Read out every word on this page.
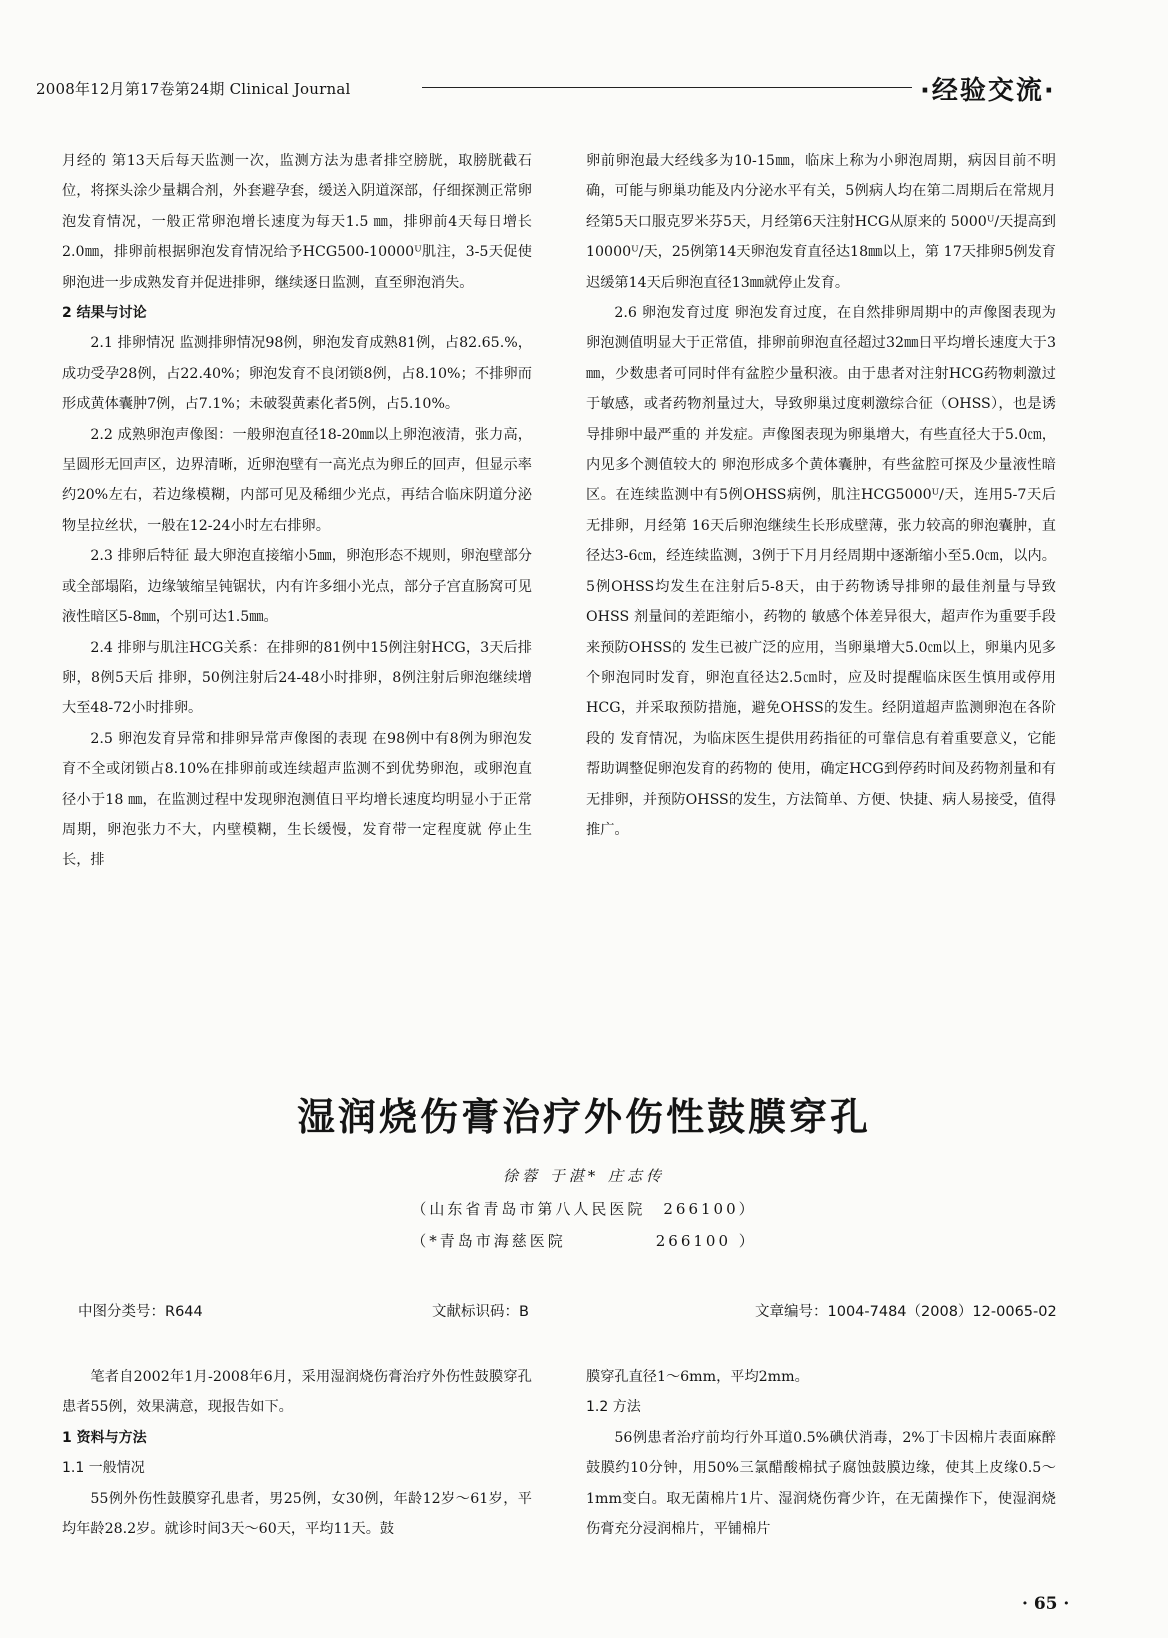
2008年12月第17卷第24期 Clinical Journal	·经验交流·

月经的 第13天后每天监测一次，监测方法为患者排空膀胱，取膀胱截石位，将探头涂少量耦合剂，外套避孕套，缓送入阴道深部，仔细探测正常卵泡发育情况，一般正常卵泡增长速度为每天1.5 ㎜，排卵前4天每日增长2.0㎜，排卵前根据卵泡发育情况给予HCG500-10000ᵁ肌注，3-5天促使卵泡进一步成熟发育并促进排卵，继续逐日监测，直至卵泡消失。

2 结果与讨论

2.1 排卵情况 监测排卵情况98例，卵泡发育成熟81例，占82.65.%，成功受孕28例，占22.40%；卵泡发育不良闭锁8例，占8.10%；不排卵而形成黄体囊肿7例，占7.1%；未破裂黄素化者5例，占5.10%。

2.2 成熟卵泡声像图：一般卵泡直径18-20㎜以上卵泡液清，张力高，呈圆形无回声区，边界清晰，近卵泡壁有一高光点为卵丘的回声，但显示率约20%左右，若边缘模糊，内部可见及稀细少光点，再结合临床阴道分泌物呈拉丝状，一般在12-24小时左右排卵。

2.3 排卵后特征 最大卵泡直接缩小5㎜，卵泡形态不规则，卵泡壁部分或全部塌陷，边缘皱缩呈钝锯状，内有许多细小光点，部分子宫直肠窝可见液性暗区5-8㎜，个别可达1.5㎜。

2.4 排卵与肌注HCG关系：在排卵的81例中15例注射HCG，3天后排卵，8例5天后 排卵，50例注射后24-48小时排卵，8例注射后卵泡继续增大至48-72小时排卵。

2.5 卵泡发育异常和排卵异常声像图的表现 在98例中有8例为卵泡发育不全或闭锁占8.10%在排卵前或连续超声监测不到优势卵泡，或卵泡直径小于18 ㎜，在监测过程中发现卵泡测值日平均增长速度均明显小于正常周期，卵泡张力不大，内壁模糊，生长缓慢，发育带一定程度就 停止生长，排

卵前卵泡最大经线多为10-15㎜，临床上称为小卵泡周期，病因目前不明确，可能与卵巢功能及内分泌水平有关，5例病人均在第二周期后在常规月经第5天口服克罗米芬5天，月经第6天注射HCG从原来的 5000ᵁ/天提高到10000ᵁ/天，25例第14天卵泡发育直径达18㎜以上，第 17天排卵5例发育迟缓第14天后卵泡直径13㎜就停止发育。

2.6 卵泡发育过度 卵泡发育过度，在自然排卵周期中的声像图表现为卵泡测值明显大于正常值，排卵前卵泡直径超过32㎜日平均增长速度大于3㎜，少数患者可同时伴有盆腔少量积液。由于患者对注射HCG药物刺激过于敏感，或者药物剂量过大，导致卵巢过度刺激综合征（OHSS），也是诱导排卵中最严重的 并发症。声像图表现为卵巢增大，有些直径大于5.0㎝，内见多个测值较大的 卵泡形成多个黄体囊肿，有些盆腔可探及少量液性暗区。在连续监测中有5例OHSS病例，肌注HCG5000ᵁ/天，连用5-7天后无排卵，月经第 16天后卵泡继续生长形成壁薄，张力较高的卵泡囊肿，直径达3-6㎝，经连续监测，3例于下月月经周期中逐渐缩小至5.0㎝，以内。5例OHSS均发生在注射后5-8天，由于药物诱导排卵的最佳剂量与导致 OHSS 剂量间的差距缩小，药物的 敏感个体差异很大，超声作为重要手段来预防OHSS的 发生已被广泛的应用，当卵巢增大5.0㎝以上，卵巢内见多个卵泡同时发育，卵泡直径达2.5㎝时，应及时提醒临床医生慎用或停用HCG，并采取预防措施，避免OHSS的发生。经阴道超声监测卵泡在各阶段的 发育情况，为临床医生提供用药指征的可靠信息有着重要意义，它能帮助调整促卵泡发育的药物的 使用，确定HCG到停药时间及药物剂量和有无排卵，并预防OHSS的发生，方法简单、方便、快捷、病人易接受，值得推广。

湿润烧伤膏治疗外伤性鼓膜穿孔
徐蓉 于湛* 庄志传
（山东省青岛市第八人民医院　266100）
（*青岛市海慈医院　　　　　266100 ）
中图分类号：R644	文献标识码：B	文章编号：1004-7484（2008）12-0065-02

笔者自2002年1月-2008年6月，采用湿润烧伤膏治疗外伤性鼓膜穿孔患者55例，效果满意，现报告如下。

1 资料与方法

1.1 一般情况

55例外伤性鼓膜穿孔患者，男25例，女30例，年龄12岁～61岁，平均年龄28.2岁。就诊时间3天～60天，平均11天。鼓

膜穿孔直径1～6mm，平均2mm。

1.2 方法

56例患者治疗前均行外耳道0.5%碘伏消毒，2%丁卡因棉片表面麻醉鼓膜约10分钟，用50%三氯醋酸棉拭子腐蚀鼓膜边缘，使其上皮缘0.5～1mm变白。取无菌棉片1片、湿润烧伤膏少许，在无菌操作下，使湿润烧伤膏充分浸润棉片，平铺棉片

· 65 ·
